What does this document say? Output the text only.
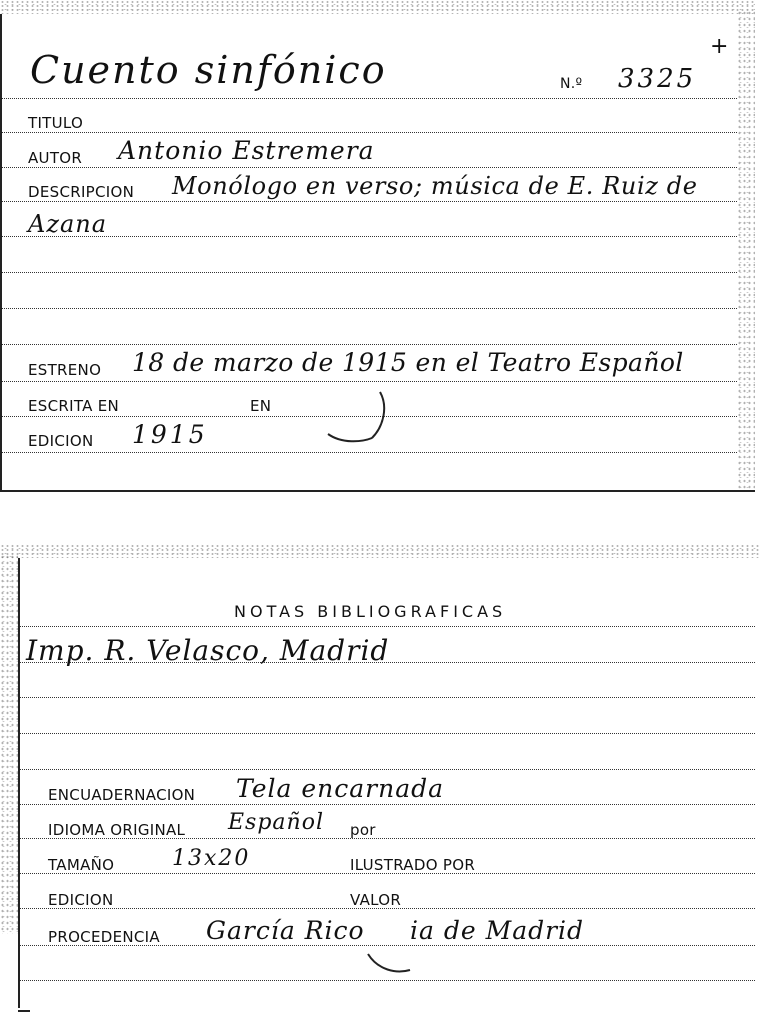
Cuento sinfónico	N.º 3325
+
TITULO
AUTOR Antonio Estremera
DESCRIPCION Monólogo en verso; música de E. Ruiz de
Azana
ESTRENO 18 de marzo de 1915 en el Teatro Español
ESCRITA EN	EN
EDICION 1915
NOTAS BIBLIOGRAFICAS
Imp. R. Velasco, Madrid
ENCUADERNACION Tela encarnada
IDIOMA ORIGINAL Español por
TAMAÑO	13x20	ILUSTRADO POR
EDICION	VALOR
PROCEDENCIA García Rico ia de Madrid
